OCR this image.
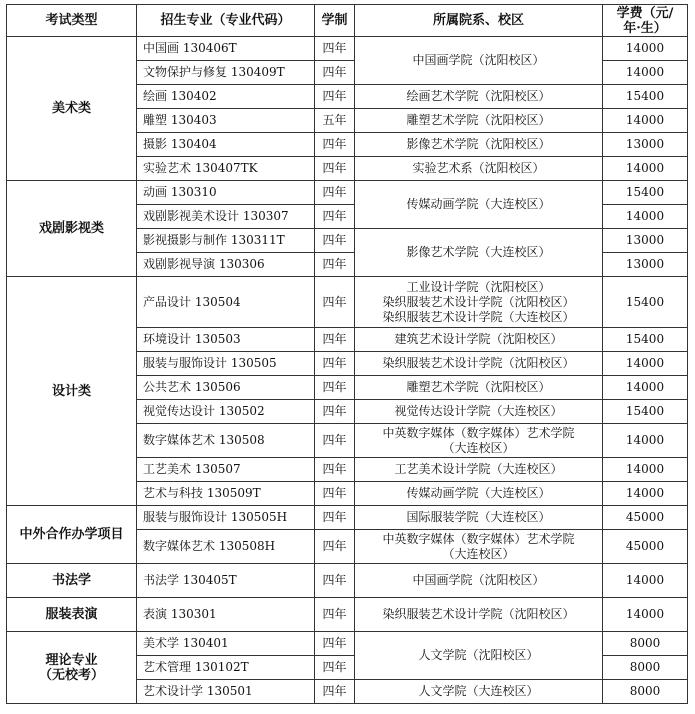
考试类型	招生专业（专业代码）	学制	所属院系、校区	学费（元/
年·生）

美术类	中国画 130406T	四年	中国画学院（沈阳校区）	14000
	文物保护与修复 130409T	四年		14000
	绘画 130402	四年	绘画艺术学院（沈阳校区）	15400
	雕塑 130403	五年	雕塑艺术学院（沈阳校区）	14000
	摄影 130404	四年	影像艺术学院（沈阳校区）	13000
	实验艺术 130407TK	四年	实验艺术系（沈阳校区）	14000
戏剧影视类	动画 130310	四年	传媒动画学院（大连校区）	15400
	戏剧影视美术设计 130307	四年		14000
	影视摄影与制作 130311T	四年	影像艺术学院（大连校区）	13000
	戏剧影视导演 130306	四年		13000
设计类	产品设计 130504	四年	工业设计学院（沈阳校区）
染织服装艺术设计学院（沈阳校区）
染织服装艺术设计学院（大连校区）	15400
	环境设计 130503	四年	建筑艺术设计学院（沈阳校区）	15400
	服装与服饰设计 130505	四年	染织服装艺术设计学院（沈阳校区）	14000
	公共艺术 130506	四年	雕塑艺术学院（沈阳校区）	14000
	视觉传达设计 130502	四年	视觉传达设计学院（大连校区）	15400
	数字媒体艺术 130508	四年	中英数字媒体（数字媒体）艺术学院
（大连校区）	14000
	工艺美术 130507	四年	工艺美术设计学院（大连校区）	14000
	艺术与科技 130509T	四年	传媒动画学院（大连校区）	14000
中外合作办学项目	服装与服饰设计 130505H	四年	国际服装学院（大连校区）	45000
	数字媒体艺术 130508H	四年	中英数字媒体（数字媒体）艺术学院
（大连校区）	45000
书法学	书法学 130405T	四年	中国画学院（沈阳校区）	14000
服装表演	表演 130301	四年	染织服装艺术设计学院（沈阳校区）	14000

理论专业
（无校考）	美术学 130401	四年	人文学院（沈阳校区）	8000
	艺术管理 130102T	四年		8000
	艺术设计学 130501	四年	人文学院（大连校区）	8000
